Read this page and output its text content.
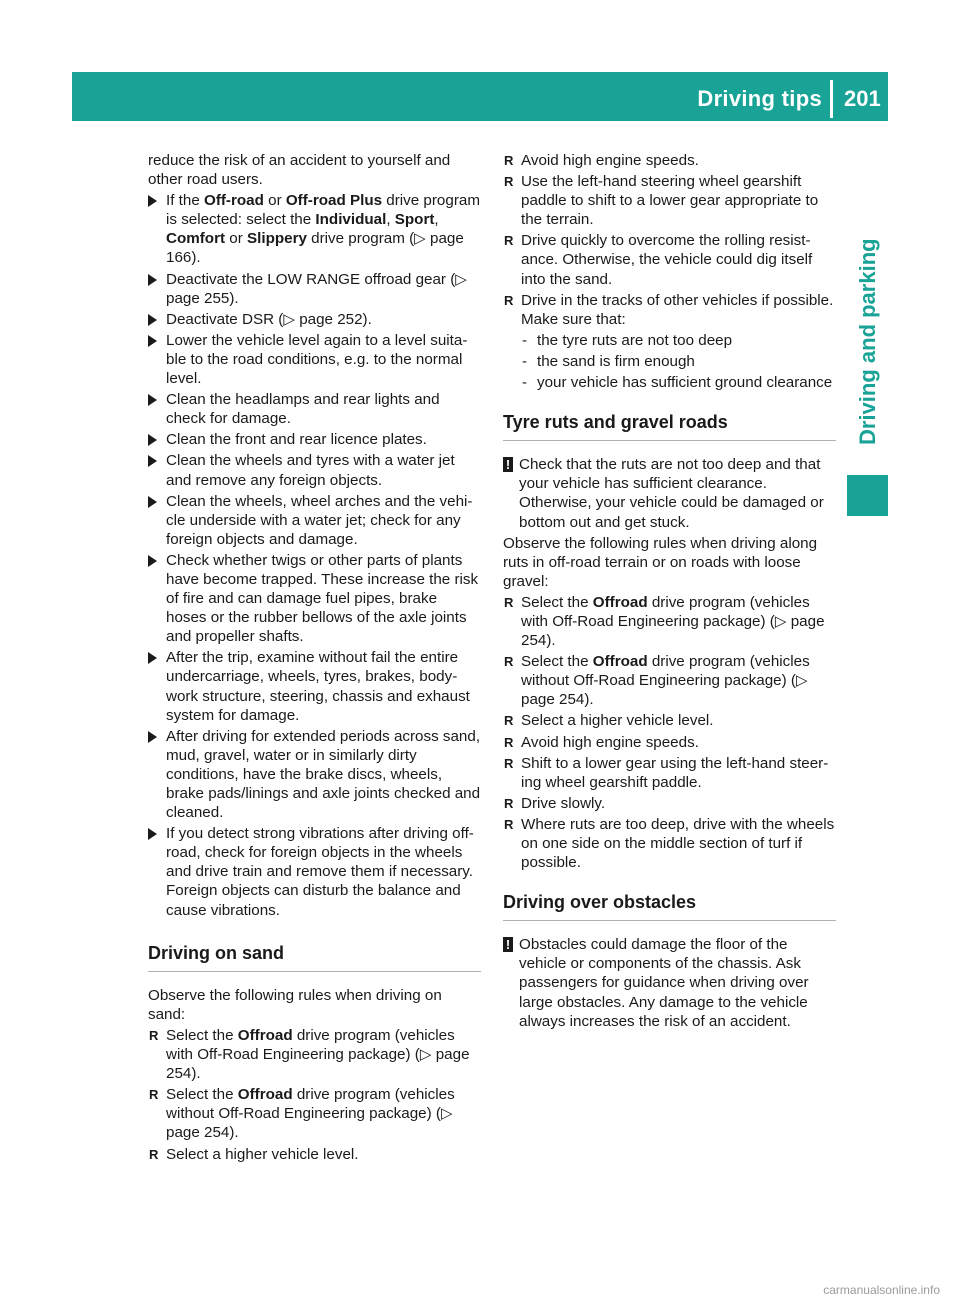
Driving tips 201
Driving and parking

reduce the risk of an accident to yourself and other road users.

If the Off-road or Off-road Plus drive program is selected: select the Individual, Sport, Comfort or Slippery drive program (▷ page 166).
Deactivate the LOW RANGE offroad gear (▷ page 255).
Deactivate DSR (▷ page 252).
Lower the vehicle level again to a level suitable to the road conditions, e.g. to the normal level.
Clean the headlamps and rear lights and check for damage.
Clean the front and rear licence plates.
Clean the wheels and tyres with a water jet and remove any foreign objects.
Clean the wheels, wheel arches and the vehicle underside with a water jet; check for any foreign objects and damage.
Check whether twigs or other parts of plants have become trapped. These increase the risk of fire and can damage fuel pipes, brake hoses or the rubber bellows of the axle joints and propeller shafts.
After the trip, examine without fail the entire undercarriage, wheels, tyres, brakes, bodywork structure, steering, chassis and exhaust system for damage.
After driving for extended periods across sand, mud, gravel, water or in similarly dirty conditions, have the brake discs, wheels, brake pads/linings and axle joints checked and cleaned.
If you detect strong vibrations after driving off-road, check for foreign objects in the wheels and drive train and remove them if necessary. Foreign objects can disturb the balance and cause vibrations.
Driving on sand

Observe the following rules when driving on sand:

R Select the Offroad drive program (vehicles with Off-Road Engineering package) (▷ page 254).
R Select the Offroad drive program (vehicles without Off-Road Engineering package) (▷ page 254).
R Select a higher vehicle level.
R Avoid high engine speeds.
R Use the left-hand steering wheel gearshift paddle to shift to a lower gear appropriate to the terrain.
R Drive quickly to overcome the rolling resistance. Otherwise, the vehicle could dig itself into the sand.
R Drive in the tracks of other vehicles if possible. Make sure that:
- the tyre ruts are not too deep
- the sand is firm enough
- your vehicle has sufficient ground clearance
Tyre ruts and gravel roads
! Check that the ruts are not too deep and that your vehicle has sufficient clearance. Otherwise, your vehicle could be damaged or bottom out and get stuck.

Observe the following rules when driving along ruts in off-road terrain or on roads with loose gravel:

R Select the Offroad drive program (vehicles with Off-Road Engineering package) (▷ page 254).
R Select the Offroad drive program (vehicles without Off-Road Engineering package) (▷ page 254).
R Select a higher vehicle level.
R Avoid high engine speeds.
R Shift to a lower gear using the left-hand steering wheel gearshift paddle.
R Drive slowly.
R Where ruts are too deep, drive with the wheels on one side on the middle section of turf if possible.
Driving over obstacles
! Obstacles could damage the floor of the vehicle or components of the chassis. Ask passengers for guidance when driving over large obstacles. Any damage to the vehicle always increases the risk of an accident.
carmanualsonline.info
